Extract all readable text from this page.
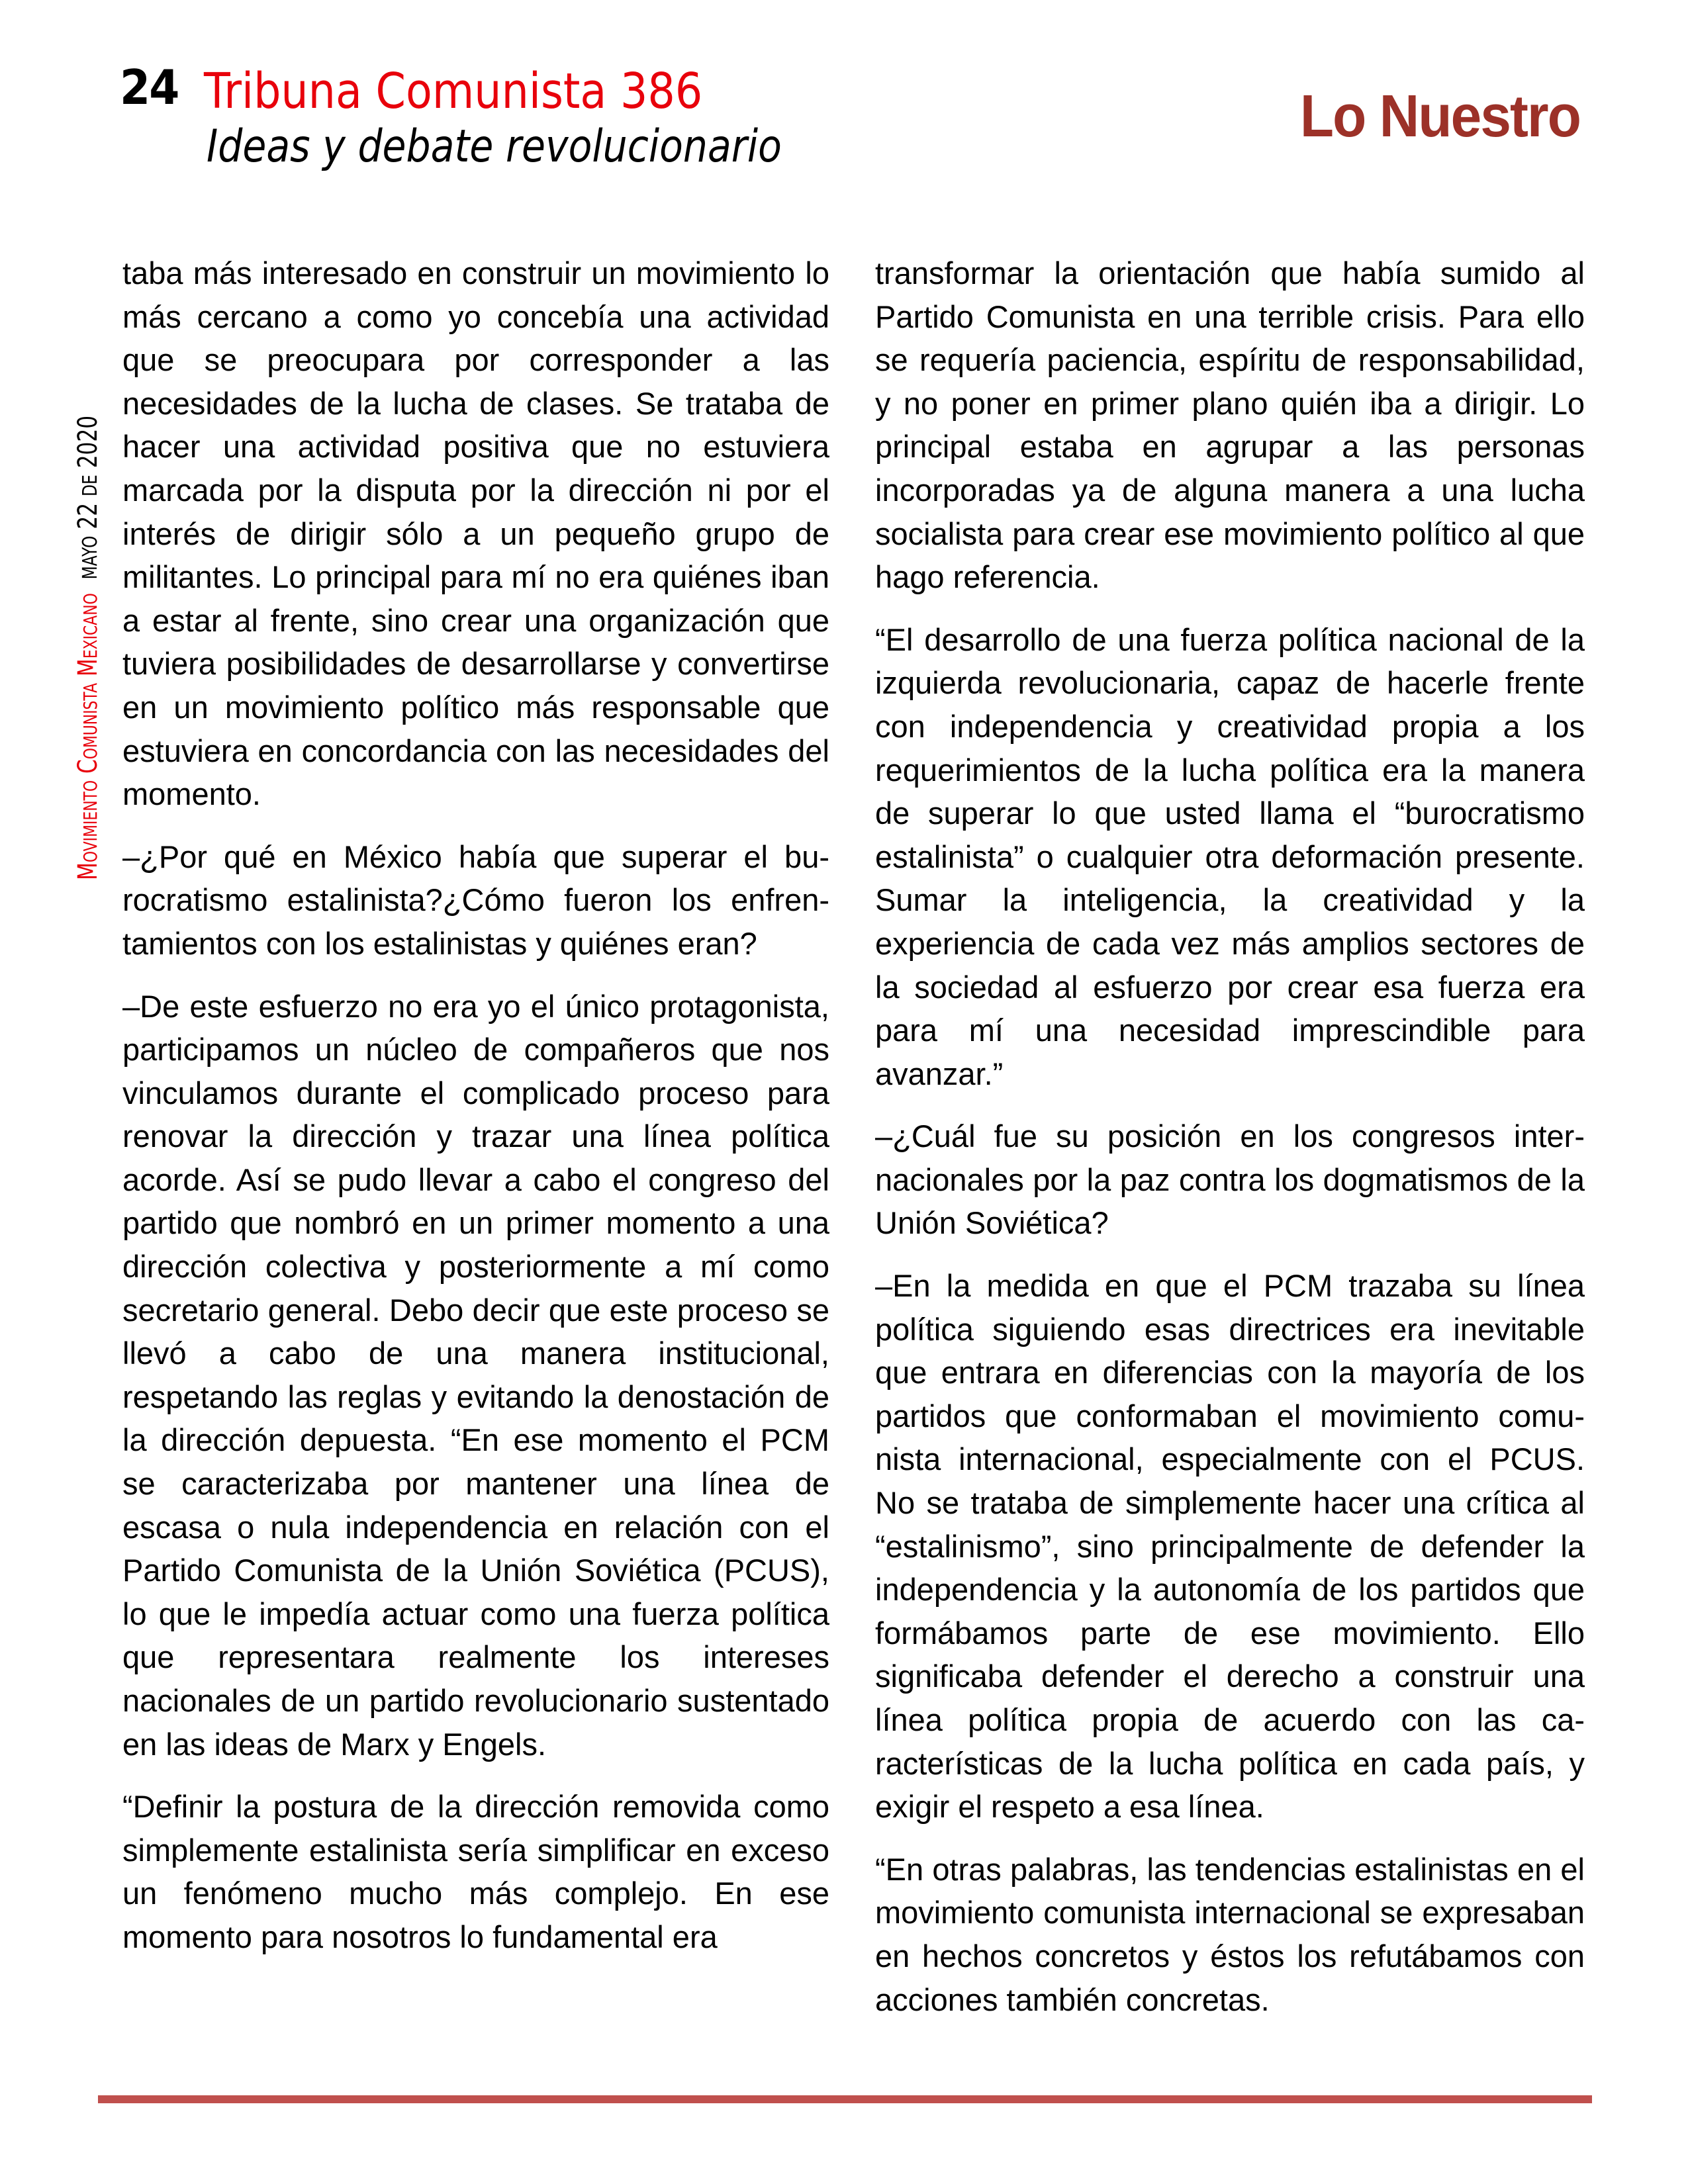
24 Tribuna Comunista 386
Ideas y debate revolucionario	Lo Nuestro
Movimiento Comunista Mexicano MAYO 22 DE 2020

taba más interesado en construir un movimiento lo más cercano a como yo concebía una actividad que se preocupara por corresponder a las necesidades de la lucha de clases. Se trataba de hacer una actividad positiva que no estuviera marcada por la disputa por la dirección ni por el interés de dirigir sólo a un pequeño grupo de militantes. Lo principal para mí no era quiénes iban a estar al frente, sino crear una organización que tuviera posibilidades de desarrollarse y convertirse en un movimiento político más responsable que estuviera en concordancia con las necesidades del momento.

–¿Por qué en México había que superar el burocratismo estalinista?¿Cómo fueron los enfrentamientos con los estalinistas y quiénes eran?

–De este esfuerzo no era yo el único protagonista, participamos un núcleo de compañeros que nos vinculamos durante el complicado proceso para renovar la dirección y trazar una línea política acorde. Así se pudo llevar a cabo el congreso del partido que nombró en un primer momento a una dirección colectiva y posteriormente a mí como secretario general. Debo decir que este proceso se llevó a cabo de una manera institucional, respetando las reglas y evitando la denostación de la dirección depuesta. “En ese momento el PCM se caracterizaba por mantener una línea de escasa o nula independencia en relación con el Partido Comunista de la Unión Soviética (PCUS), lo que le impedía actuar como una fuerza política que representara realmente los intereses nacionales de un partido revolucionario sustentado en las ideas de Marx y Engels.

“Definir la postura de la dirección removida como simplemente estalinista sería simplificar en exceso un fenómeno mucho más complejo. En ese momento para nosotros lo fundamental era

transformar la orientación que había sumido al Partido Comunista en una terrible crisis. Para ello se requería paciencia, espíritu de responsabilidad, y no poner en primer plano quién iba a dirigir. Lo principal estaba en agrupar a las personas incorporadas ya de alguna manera a una lucha socialista para crear ese movimiento político al que hago referencia.

“El desarrollo de una fuerza política nacional de la izquierda revolucionaria, capaz de hacerle frente con independencia y creatividad propia a los requerimientos de la lucha política era la manera de superar lo que usted llama el “burocratismo estalinista” o cualquier otra deformación presente. Sumar la inteligencia, la creatividad y la experiencia de cada vez más amplios sectores de la sociedad al esfuerzo por crear esa fuerza era para mí una necesidad imprescindible para avanzar.”

–¿Cuál fue su posición en los congresos internacionales por la paz contra los dogmatismos de la Unión Soviética?

–En la medida en que el PCM trazaba su línea política siguiendo esas directrices era inevitable que entrara en diferencias con la mayoría de los partidos que conformaban el movimiento comunista internacional, especialmente con el PCUS. No se trataba de simplemente hacer una crítica al “estalinismo”, sino principalmente de defender la independencia y la autonomía de los partidos que formábamos parte de ese movimiento. Ello significaba defender el derecho a construir una línea política propia de acuerdo con las características de la lucha política en cada país, y exigir el respeto a esa línea.

“En otras palabras, las tendencias estalinistas en el movimiento comunista internacional se expresaban en hechos concretos y éstos los refutábamos con acciones también concretas.
